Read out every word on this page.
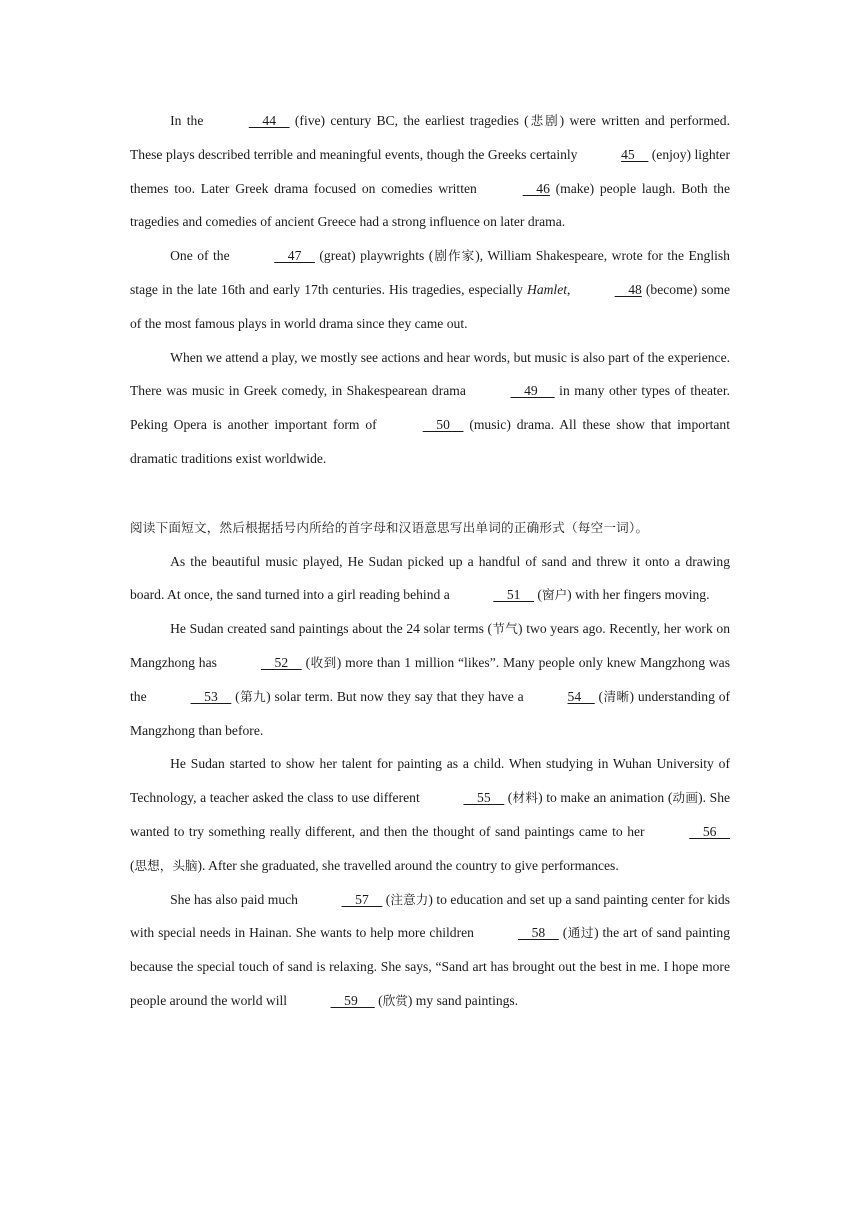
In the	44     (five) century BC, the earliest tragedies (悲剧) were written and performed. These plays described terrible and meaningful events, though the Greeks certainly	45     (enjoy) lighter themes too. Later Greek drama focused on comedies written	46 (make) people laugh. Both the tragedies and comedies of ancient Greece had a strong influence on later drama.

One of the	47     (great) playwrights (剧作家), William Shakespeare, wrote for the English stage in the late 16th and early 17th centuries. His tragedies, especially Hamlet,	48 (become) some of the most famous plays in world drama since they came out.

When we attend a play, we mostly see actions and hear words, but music is also part of the experience. There was music in Greek comedy, in Shakespearean drama	49      in many other types of theater. Peking Opera is another important form of	50     (music) drama. All these show that important dramatic traditions exist worldwide.

阅读下面短文，然后根据括号内所给的首字母和汉语意思写出单词的正确形式（每空一词）。

As the beautiful music played, He Sudan picked up a handful of sand and threw it onto a drawing board. At once, the sand turned into a girl reading behind a	51     (窗户) with her fingers moving.

He Sudan created sand paintings about the 24 solar terms (节气) two years ago. Recently, her work on Mangzhong has	52     (收到) more than 1 million “likes”. Many people only knew Mangzhong was the	53     (第九) solar term. But now they say that they have a	54     (清晰) understanding of Mangzhong than before.

He Sudan started to show her talent for painting as a child. When studying in Wuhan University of Technology, a teacher asked the class to use different	55     (材料) to make an animation (动画). She wanted to try something really different, and then the thought of sand paintings came to her	56     (思想，头脑). After she graduated, she travelled around the country to give performances.

She has also paid much	57     (注意力) to education and set up a sand painting center for kids with special needs in Hainan. She wants to help more children	58     (通过) the art of sand painting because the special touch of sand is relaxing. She says, “Sand art has brought out the best in me. I hope more people around the world will	59      (欣赏) my sand paintings.
